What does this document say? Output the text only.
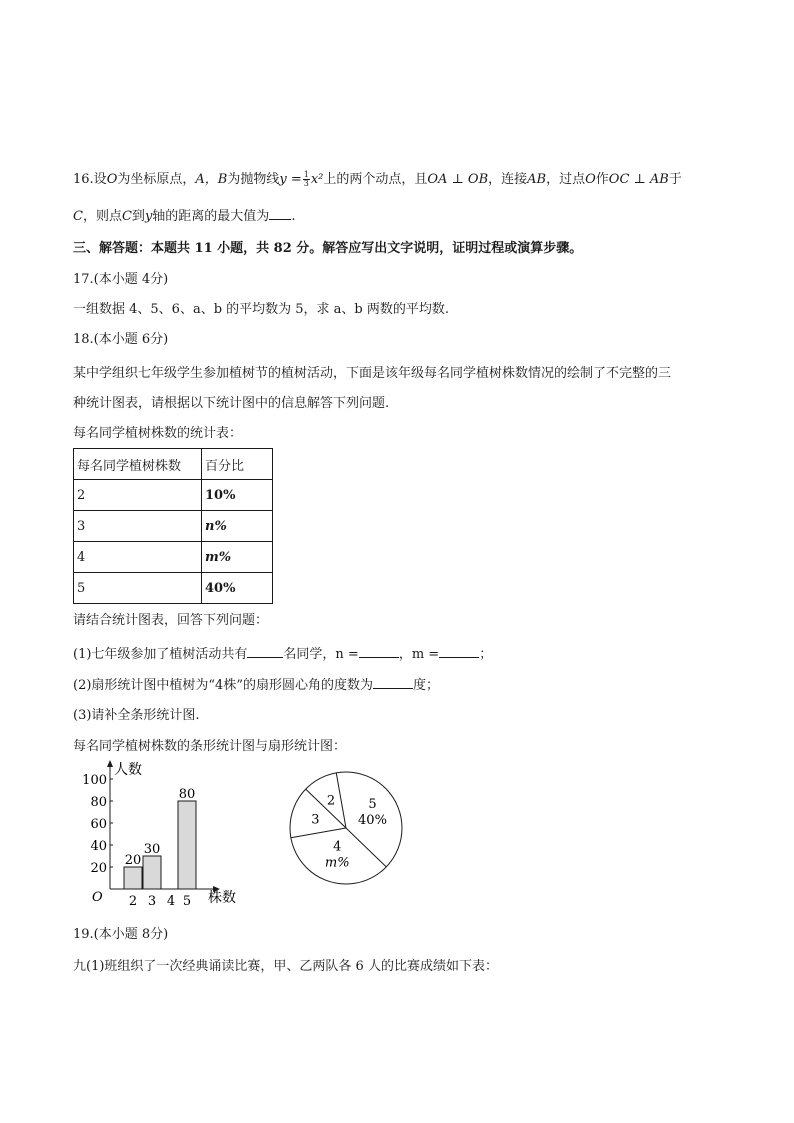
16.设O为坐标原点，A，B为抛物线$y = \frac{1}{3} x^2$上的两个动点，且OA ⊥ OB，连接AB，过点O作OC ⊥ AB于
C，则点C到y轴的距离的最大值为 .
三、解答题：本题共 11 小题，共 82 分。解答应写出文字说明，证明过程或演算步骤。
17.(本小题 4分)
一组数据 4、5、6、a、b 的平均数为 5，求 a、b 两数的平均数.
18.(本小题 6分)
某中学组织七年级学生参加植树节的植树活动，下面是该年级每名同学植树株数情况的绘制了不完整的三
种统计图表，请根据以下统计图中的信息解答下列问题.
每名同学植树株数的统计表：
每名同学植树株数	百分比
2	10%
3	n%
4	m%
5	40%
请结合统计图表，回答下列问题：
(1)七年级参加了植树活动共有	名同学，n =	，m =	；
(2)扇形统计图中植树为“4株”的扇形圆心角的度数为	度；
(3)请补全条形统计图.
每名同学植树株数的条形统计图与扇形统计图：
20
40
60
80
100
2
20
3
30
4 5
80
人数
株数
O
5
40%
4
m%
3
2
19.(本小题 8分)
九(1)班组织了一次经典诵读比赛，甲、乙两队各 6 人的比赛成绩如下表：
